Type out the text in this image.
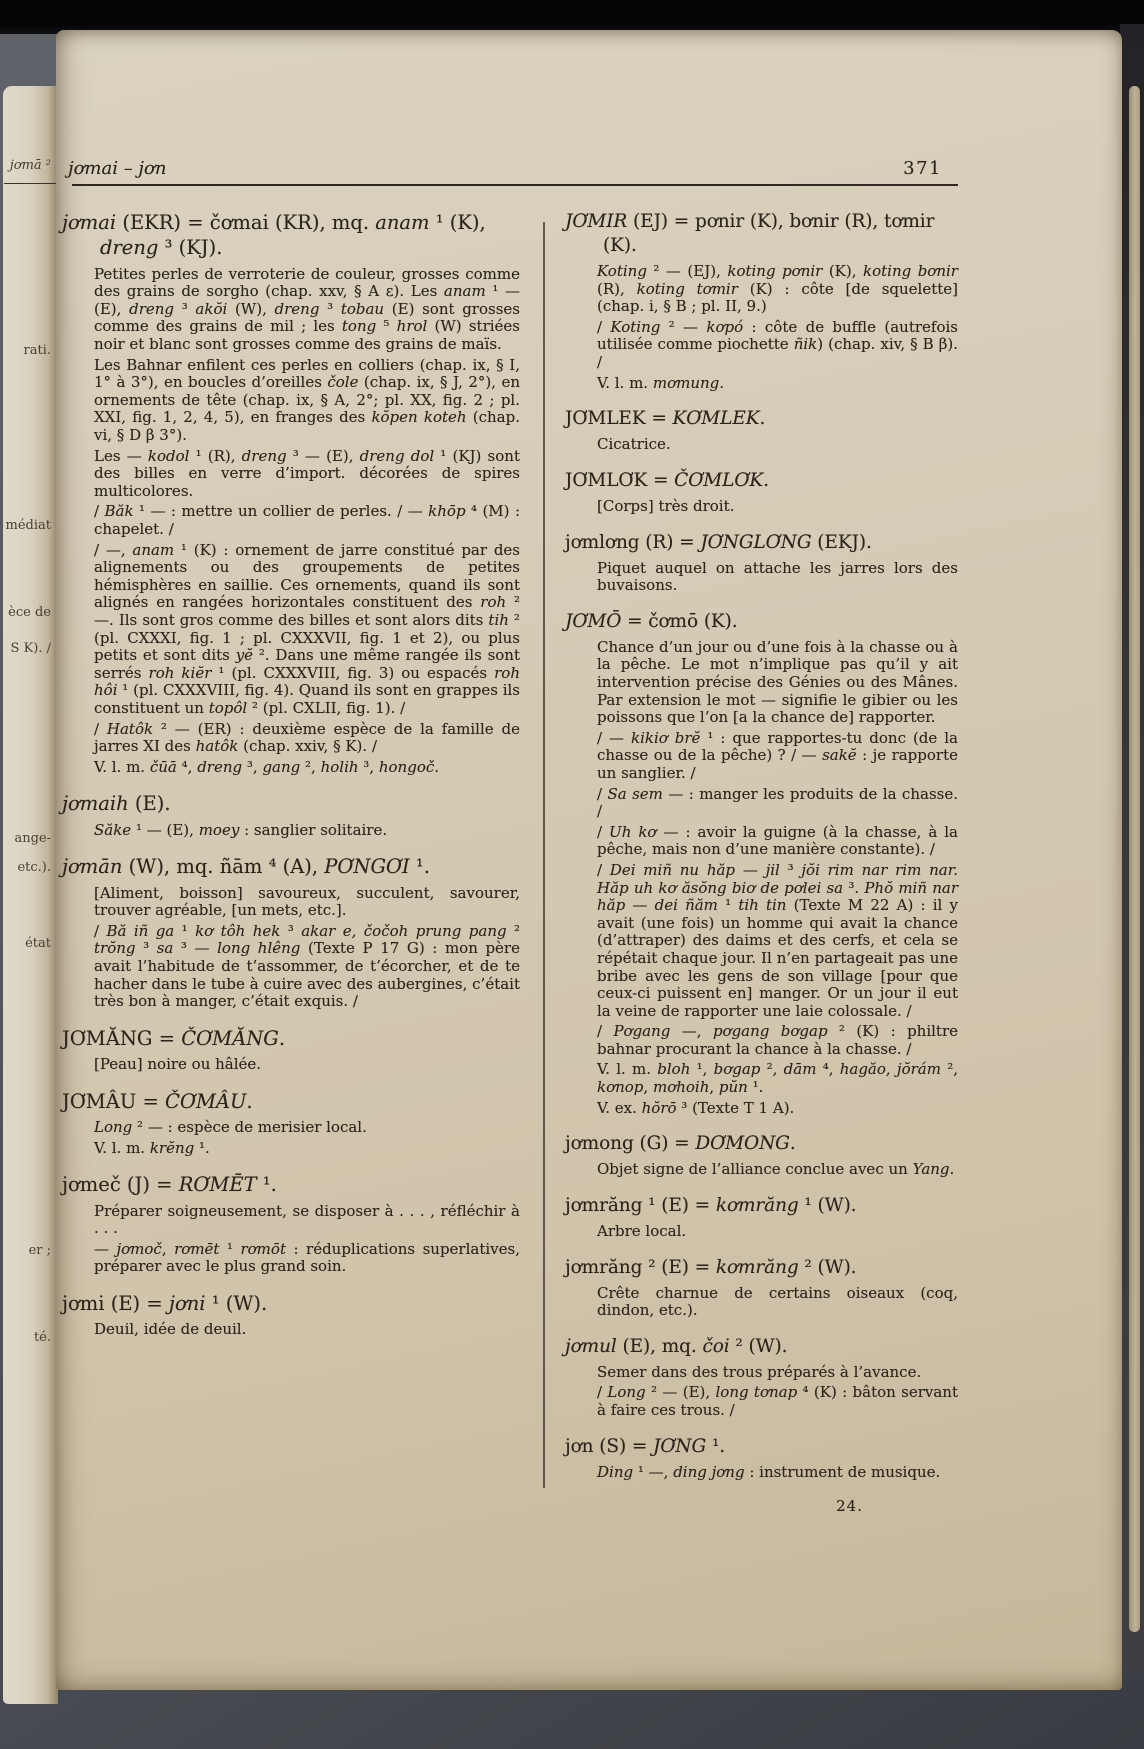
jơmā ²
rati.
médiat
èce de
S K). /
ange-
etc.).
état
er ;
té.
jơmai – jơn	371

jơmai (EKR) = čơmai (KR), mq. anam ¹ (K), dreng ³ (KJ).

Petites perles de verroterie de couleur, grosses comme des grains de sorgho (chap. xxv, § A ε). Les anam ¹ — (E), dreng ³ akŏi (W), dreng ³ tobau (E) sont grosses comme des grains de mil ; les tong ⁵ hrol (W) striées noir et blanc sont grosses comme des grains de maïs.

Les Bahnar enfilent ces perles en colliers (chap. ix, § I, 1° à 3°), en boucles d’oreilles čole (chap. ix, § J, 2°), en ornements de tête (chap. ix, § A, 2°; pl. XX, fig. 2 ; pl. XXI, fig. 1, 2, 4, 5), en franges des kŏpen koteh (chap. vi, § D β 3°).

Les — kodol ¹ (R), dreng ³ — (E), dreng dol ¹ (KJ) sont des billes en verre d’import. décorées de spires multicolores.

/ Băk ¹ — : mettre un collier de perles. / — khōp ⁴ (M) : chapelet. /

/ —, anam ¹ (K) : ornement de jarre constitué par des alignements ou des groupements de petites hémisphères en saillie. Ces ornements, quand ils sont alignés en rangées horizontales constituent des roh ² —. Ils sont gros comme des billes et sont alors dits tih ² (pl. CXXXI, fig. 1 ; pl. CXXXVII, fig. 1 et 2), ou plus petits et sont dits yĕ ². Dans une même rangée ils sont serrés roh kiĕr ¹ (pl. CXXXVIII, fig. 3) ou espacés roh hôi ¹ (pl. CXXXVIII, fig. 4). Quand ils sont en grappes ils constituent un topôl ² (pl. CXLII, fig. 1). /

/ Hatôk ² — (ER) : deuxième espèce de la famille de jarres XI des hatôk (chap. xxiv, § K). /

V. l. m. čūā ⁴, dreng ³, gang ², holih ³, hongoč.

jơmaih (E).

Săke ¹ — (E), moey : sanglier solitaire.

jơmān (W), mq. ñām ⁴ (A), PƠNGƠI ¹.

[Aliment, boisson] savoureux, succulent, savourer, trouver agréable, [un mets, etc.].

/ Bă iñ ga ¹ kơ tôh hek ³ akar e, čočoh prung pang ² trŏng ³ sa ³ — long hlêng (Texte P 17 G) : mon père avait l’habitude de t’assommer, de t’écorcher, et de te hacher dans le tube à cuire avec des aubergines, c’était très bon à manger, c’était exquis. /

JƠMĂNG = ČƠMĂNG.

[Peau] noire ou hâlée.

JƠMÂU = ČƠMÂU.

Long ² — : espèce de merisier local.

V. l. m. krĕng ¹.

jơmeč (J) = RƠMĒT ¹.

Préparer soigneusement, se disposer à . . . , réfléchir à . . .

— jơmoč, rơmēt ¹ rơmōt : réduplications superlatives, préparer avec le plus grand soin.

jơmi (E) = jơni ¹ (W).

Deuil, idée de deuil.

JƠMIR (EJ) = pơnir (K), bơnir (R), tơmir (K).

Koting ² — (EJ), koting pơnir (K), koting bơnir (R), koting tơmir (K) : côte [de squelette] (chap. i, § B ; pl. II, 9.)

/ Koting ² — kơpó : côte de buffle (autrefois utilisée comme piochette ñik) (chap. xiv, § B β). /

V. l. m. mơmung.

JƠMLEK = KƠMLEK.

Cicatrice.

JƠMLƠK = ČƠMLƠK.

[Corps] très droit.

jơmlơng (R) = JƠNGLƠNG (EKJ).

Piquet auquel on attache les jarres lors des buvaisons.

JƠMŌ = čơmō (K).

Chance d’un jour ou d’une fois à la chasse ou à la pêche. Le mot n’implique pas qu’il y ait intervention précise des Génies ou des Mânes. Par extension le mot — signifie le gibier ou les poissons que l’on [a la chance de] rapporter.

/ — kikiơ brĕ ¹ : que rapportes-tu donc (de la chasse ou de la pêche) ? / — sakĕ : je rapporte un sanglier. /

/ Sa sem — : manger les produits de la chasse. /

/ Uh kơ — : avoir la guigne (à la chasse, à la pêche, mais non d’une manière constante). /

/ Dei miñ nu hăp — jil ³ jŏi rim nar rim nar. Hăp uh kơ ăsŏng biơ de pơlei sa ³. Phŏ miñ nar hăp — dei ñăm ¹ tih tin (Texte M 22 A) : il y avait (une fois) un homme qui avait la chance (d’attraper) des daims et des cerfs, et cela se répétait chaque jour. Il n’en partageait pas une bribe avec les gens de son village [pour que ceux-ci puissent en] manger. Or un jour il eut la veine de rapporter une laie colossale. /

/ Pơgang —, pơgang bơgap ² (K) : philtre bahnar procurant la chance à la chasse. /

V. l. m. bloh ¹, bơgap ², dām ⁴, hagăo, jŏrám ², kơnop, mơhoih, pŭn ¹.

V. ex. hŏrō ³ (Texte T 1 A).

jơmong (G) = DƠMONG.

Objet signe de l’alliance conclue avec un Yang.

jơmrăng ¹ (E) = kơmrăng ¹ (W).

Arbre local.

jơmrăng ² (E) = kơmrăng ² (W).

Crête charnue de certains oiseaux (coq, dindon, etc.).

jơmul (E), mq. čoi ² (W).

Semer dans des trous préparés à l’avance.

/ Long ² — (E), long tơnap ⁴ (K) : bâton servant à faire ces trous. /

jơn (S) = JƠNG ¹.

Ding ¹ —, ding jơng : instrument de musique.

24.
